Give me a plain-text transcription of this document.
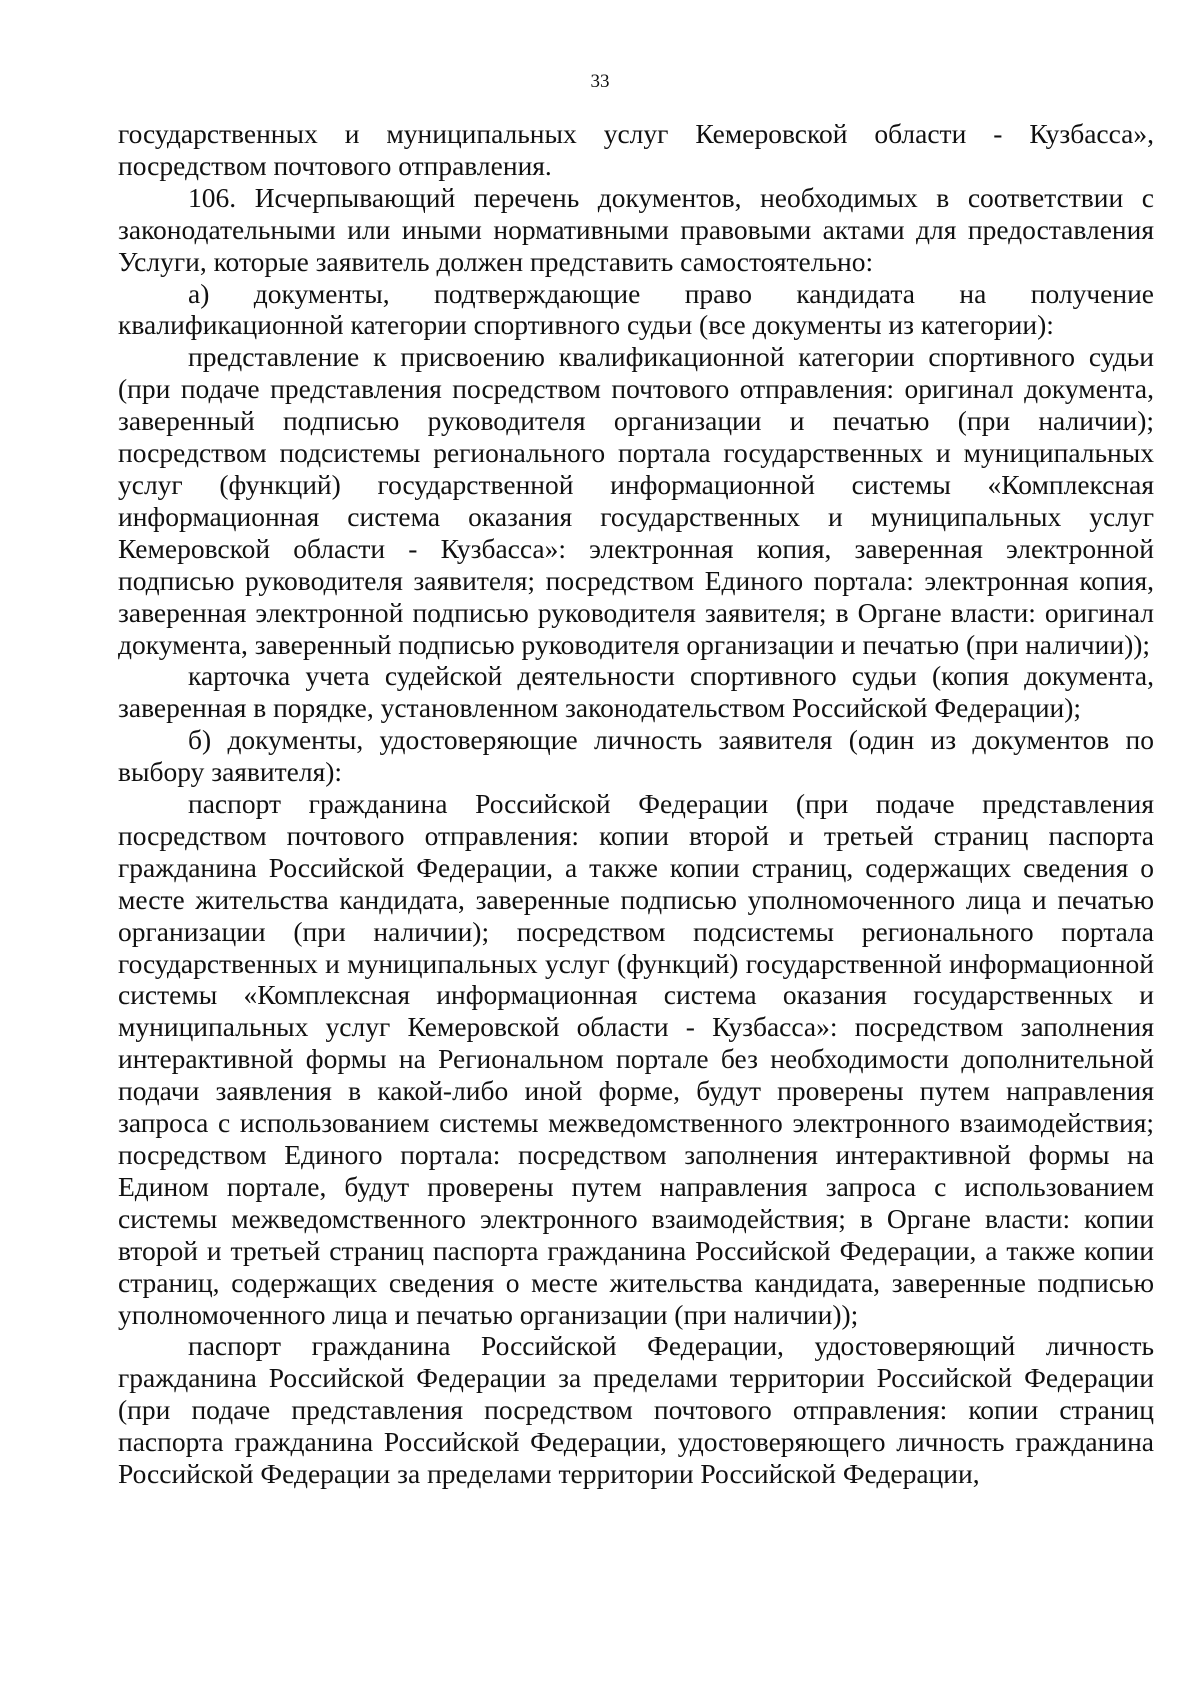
33

государственных и муниципальных услуг Кемеровской области - Кузбасса», посредством почтового отправления.

106. Исчерпывающий перечень документов, необходимых в соответствии с законодательными или иными нормативными правовыми актами для предоставления Услуги, которые заявитель должен представить самостоятельно:

а) документы, подтверждающие право кандидата на получение квалификационной категории спортивного судьи (все документы из категории):

представление к присвоению квалификационной категории спортивного судьи (при подаче представления посредством почтового отправления: оригинал документа, заверенный подписью руководителя организации и печатью (при наличии); посредством подсистемы регионального портала государственных и муниципальных услуг (функций) государственной информационной системы «Комплексная информационная система оказания государственных и муниципальных услуг Кемеровской области - Кузбасса»: электронная копия, заверенная электронной подписью руководителя заявителя; посредством Единого портала: электронная копия, заверенная электронной подписью руководителя заявителя; в Органе власти: оригинал документа, заверенный подписью руководителя организации и печатью (при наличии));

карточка учета судейской деятельности спортивного судьи (копия документа, заверенная в порядке, установленном законодательством Российской Федерации);

б) документы, удостоверяющие личность заявителя (один из документов по выбору заявителя):

паспорт гражданина Российской Федерации (при подаче представления посредством почтового отправления: копии второй и третьей страниц паспорта гражданина Российской Федерации, а также копии страниц, содержащих сведения о месте жительства кандидата, заверенные подписью уполномоченного лица и печатью организации (при наличии); посредством подсистемы регионального портала государственных и муниципальных услуг (функций) государственной информационной системы «Комплексная информационная система оказания государственных и муниципальных услуг Кемеровской области - Кузбасса»: посредством заполнения интерактивной формы на Региональном портале без необходимости дополнительной подачи заявления в какой-либо иной форме, будут проверены путем направления запроса с использованием системы межведомственного электронного взаимодействия; посредством Единого портала: посредством заполнения интерактивной формы на Едином портале, будут проверены путем направления запроса с использованием системы межведомственного электронного взаимодействия; в Органе власти: копии второй и третьей страниц паспорта гражданина Российской Федерации, а также копии страниц, содержащих сведения о месте жительства кандидата, заверенные подписью уполномоченного лица и печатью организации (при наличии));

паспорт гражданина Российской Федерации, удостоверяющий личность гражданина Российской Федерации за пределами территории Российской Федерации (при подаче представления посредством почтового отправления: копии страниц паспорта гражданина Российской Федерации, удостоверяющего личность гражданина Российской Федерации за пределами территории Российской Федерации,
